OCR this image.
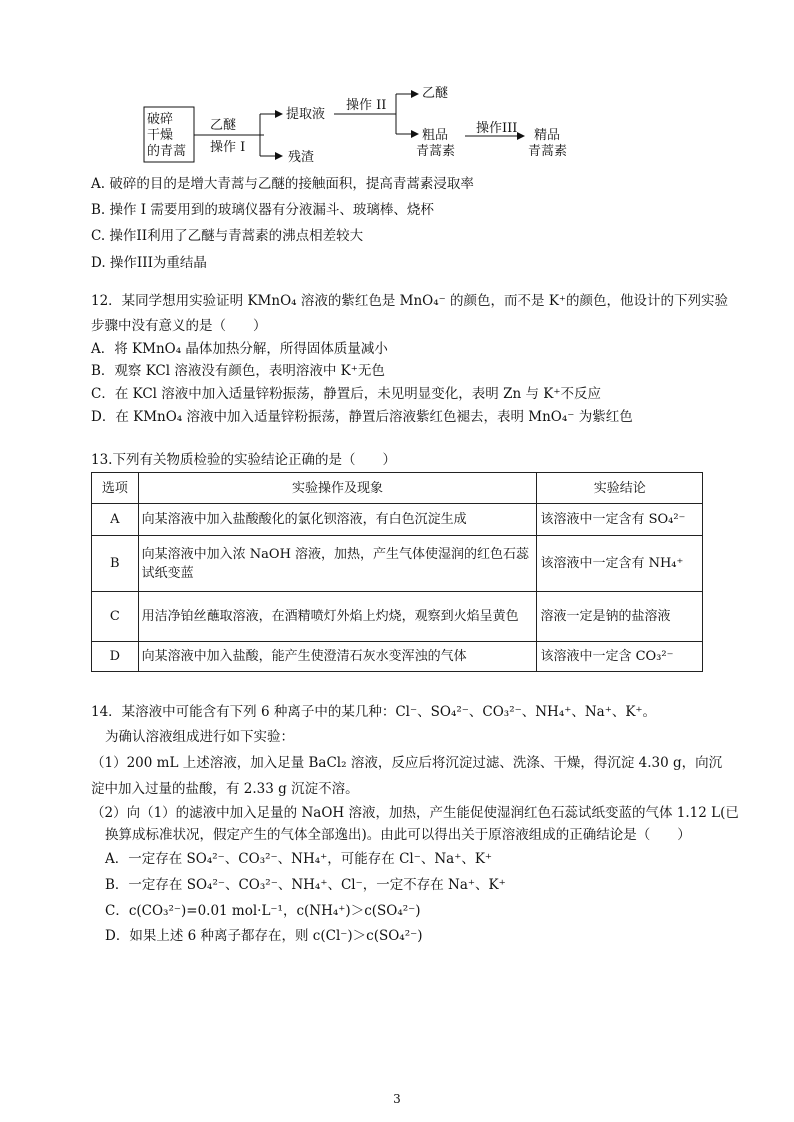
破碎
干燥
的青蒿
乙醚
操作 I
提取液
残渣
操作 II
乙醚
粗品
青蒿素
操作III 精品
青蒿素
A. 破碎的目的是增大青蒿与乙醚的接触面积，提高青蒿素浸取率
B. 操作 I 需要用到的玻璃仪器有分液漏斗、玻璃棒、烧杯
C. 操作II利用了乙醚与青蒿素的沸点相差较大
D. 操作III为重结晶
12．某同学想用实验证明 KMnO₄ 溶液的紫红色是 MnO₄⁻ 的颜色，而不是 K⁺的颜色，他设计的下列实验
步骤中没有意义的是（　　）
A．将 KMnO₄ 晶体加热分解，所得固体质量减小
B．观察 KCl 溶液没有颜色，表明溶液中 K⁺无色
C．在 KCl 溶液中加入适量锌粉振荡，静置后，未见明显变化，表明 Zn 与 K⁺不反应
D．在 KMnO₄ 溶液中加入适量锌粉振荡，静置后溶液紫红色褪去，表明 MnO₄⁻ 为紫红色
13.下列有关物质检验的实验结论正确的是（　　）
选项	实验操作及现象	实验结论
A	向某溶液中加入盐酸酸化的氯化钡溶液，有白色沉淀生成	该溶液中一定含有 SO₄²⁻
B	向某溶液中加入浓 NaOH 溶液，加热，产生气体使湿润的红色石蕊试纸变蓝	该溶液中一定含有 NH₄⁺
C	用洁净铂丝蘸取溶液，在酒精喷灯外焰上灼烧，观察到火焰呈黄色	溶液一定是钠的盐溶液
D	向某溶液中加入盐酸，能产生使澄清石灰水变浑浊的气体	该溶液中一定含 CO₃²⁻
14．某溶液中可能含有下列 6 种离子中的某几种：Cl⁻、SO₄²⁻、CO₃²⁻、NH₄⁺、Na⁺、K⁺。
为确认溶液组成进行如下实验：
（1）200 mL 上述溶液，加入足量 BaCl₂ 溶液，反应后将沉淀过滤、洗涤、干燥，得沉淀 4.30 g，向沉
淀中加入过量的盐酸，有 2.33 g 沉淀不溶。
（2）向（1）的滤液中加入足量的 NaOH 溶液，加热，产生能促使湿润红色石蕊试纸变蓝的气体 1.12 L(已
换算成标准状况，假定产生的气体全部逸出)。由此可以得出关于原溶液组成的正确结论是（　　）
A．一定存在 SO₄²⁻、CO₃²⁻、NH₄⁺，可能存在 Cl⁻、Na⁺、K⁺
B．一定存在 SO₄²⁻、CO₃²⁻、NH₄⁺、Cl⁻，一定不存在 Na⁺、K⁺
C．c(CO₃²⁻)=0.01 mol·L⁻¹，c(NH₄⁺)＞c(SO₄²⁻)
D．如果上述 6 种离子都存在，则 c(Cl⁻)＞c(SO₄²⁻)
3
